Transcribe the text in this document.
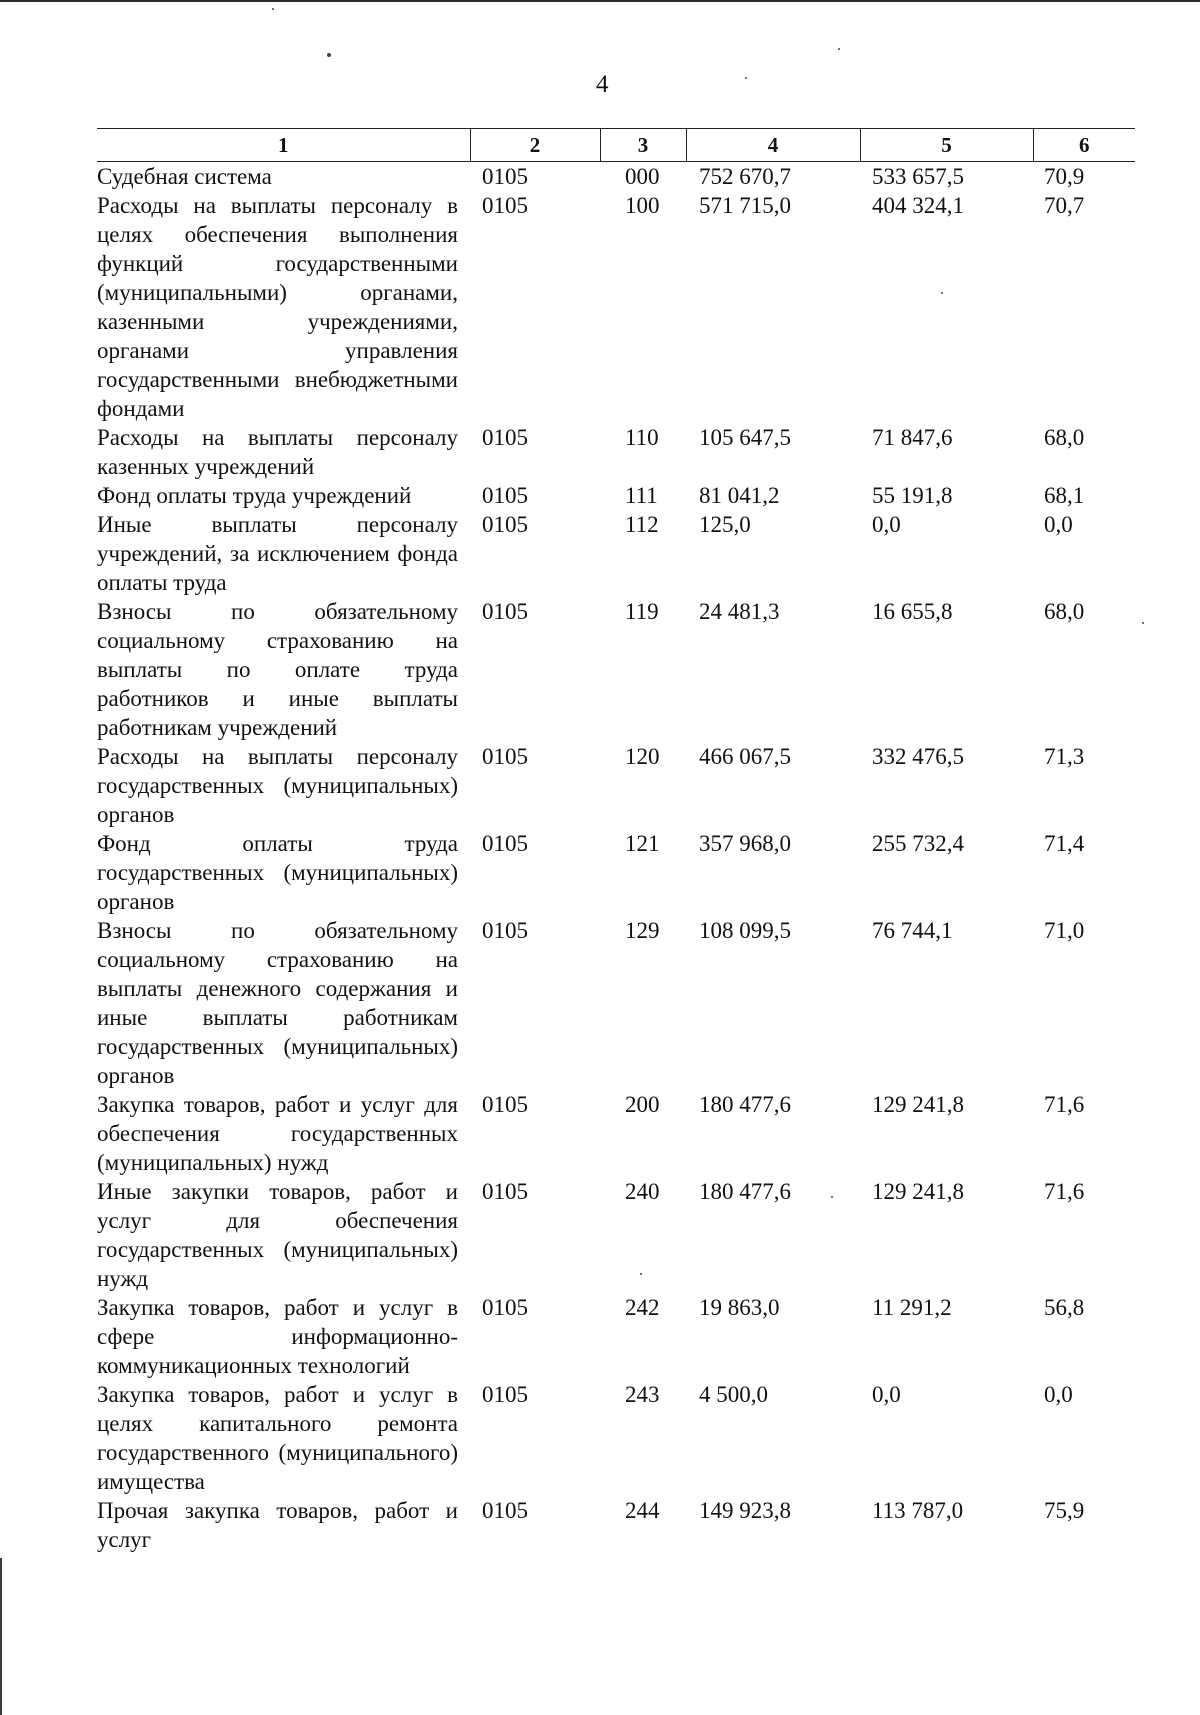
4
1	2	3	4	5	6
Судебная система	0105	000	752 670,7	533 657,5	70,9
Расходы на выплаты персоналу в целях обеспечения выполнения функций государственными (муниципальными) органами, казенными учреждениями, органами управления государственными внебюджетными фондами	0105	100	571 715,0	404 324,1	70,7
Расходы на выплаты персоналу казенных учреждений	0105	110	105 647,5	71 847,6	68,0
Фонд оплаты труда учреждений	0105	111	81 041,2	55 191,8	68,1
Иные выплаты персоналу учреждений, за исключением фонда оплаты труда	0105	112	125,0	0,0	0,0
Взносы по обязательному социальному страхованию на выплаты по оплате труда работников и иные выплаты работникам учреждений	0105	119	24 481,3	16 655,8	68,0
Расходы на выплаты персоналу государственных (муниципальных) органов	0105	120	466 067,5	332 476,5	71,3
Фонд оплаты труда государственных (муниципальных) органов	0105	121	357 968,0	255 732,4	71,4
Взносы по обязательному социальному страхованию на выплаты денежного содержания и иные выплаты работникам государственных (муниципальных) органов	0105	129	108 099,5	76 744,1	71,0
Закупка товаров, работ и услуг для обеспечения государственных (муниципальных) нужд	0105	200	180 477,6	129 241,8	71,6
Иные закупки товаров, работ и услуг для обеспечения государственных (муниципальных) нужд	0105	240	180 477,6	129 241,8	71,6
Закупка товаров, работ и услуг в сфере информационно-коммуникационных технологий	0105	242	19 863,0	11 291,2	56,8
Закупка товаров, работ и услуг в целях капитального ремонта государственного (муниципального) имущества	0105	243	4 500,0	0,0	0,0
Прочая закупка товаров, работ и услуг	0105	244	149 923,8	113 787,0	75,9
